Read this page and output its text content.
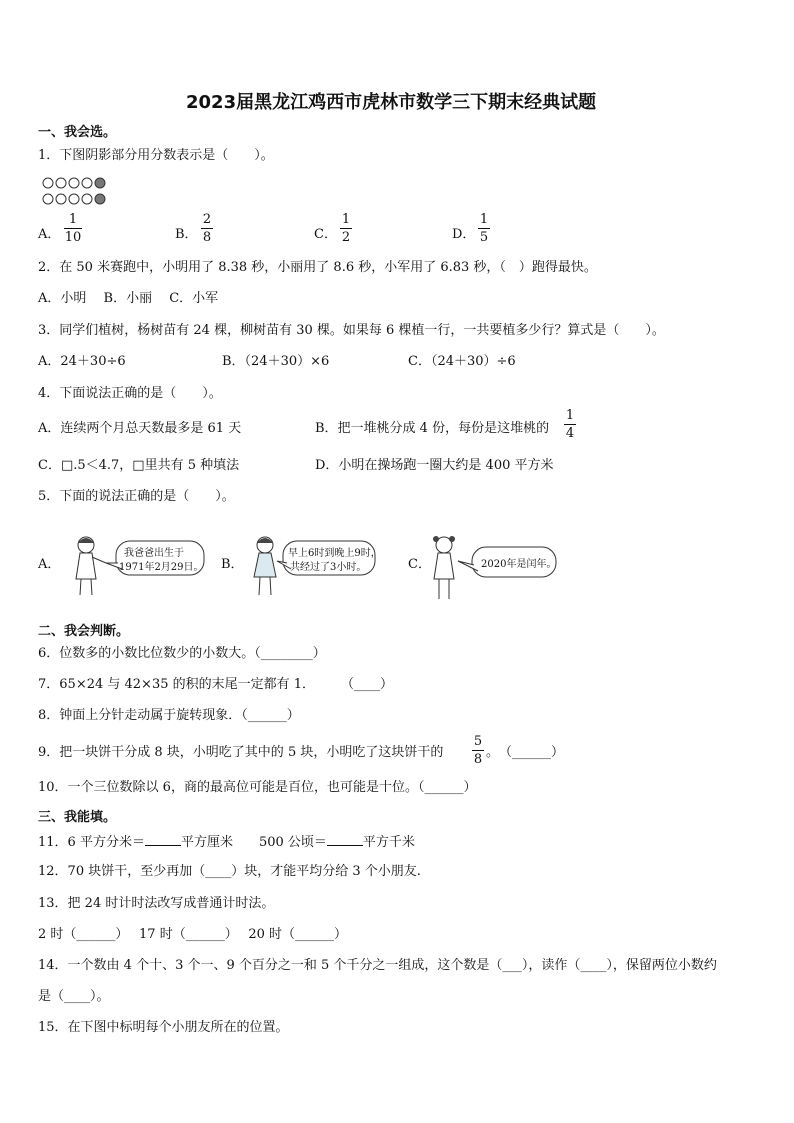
2023届黑龙江鸡西市虎林市数学三下期末经典试题
一、我会选。
1．下图阴影部分用分数表示是（　　）。
A．
1
10	B．
2
8	C．
1
2	D．
1
5
2．在 50 米赛跑中，小明用了 8.38 秒，小丽用了 8.6 秒，小军用了 6.83 秒，（　）跑得最快。
A．小明　 B．小丽　 C．小军
3．同学们植树，杨树苗有 24 棵，柳树苗有 30 棵。如果每 6 棵植一行，一共要植多少行？算式是（　　）。
A．24＋30÷6	B．（24＋30）×6	C．（24＋30）÷6
4．下面说法正确的是（　　）。
A．连续两个月总天数最多是 61 天	B．把一堆桃分成 4 份，每份是这堆桃的
1
4
C．□.5＜4.7，□里共有 5 种填法	D．小明在操场跑一圈大约是 400 平方米
5．下面的说法正确的是（　　）。
A．
我爸爸出生于
1971年2月29日。 B．
早上6时到晚上9时，
共经过了3小时。	C．	2020年是闰年。
二、我会判断。
6．位数多的小数比位数少的小数大。（________）
7．65×24 与 42×35 的积的末尾一定都有 1．　　　（____）
8．钟面上分针走动属于旋转现象．（______）
9．把一块饼干分成 8 块，小明吃了其中的 5 块，小明吃了这块饼干的
5
8 。　（______）
10．一个三位数除以 6，商的最高位可能是百位，也可能是十位。（______）
三、我能填。
11．6 平方分米＝	平方厘米　　500 公顷＝	平方千米
12．70 块饼干，至少再加（____）块，才能平均分给 3 个小朋友.
13．把 24 时计时法改写成普通计时法。
2 时（______）　 17 时（______）　 20 时（______）
14．一个数由 4 个十、3 个一、9 个百分之一和 5 个千分之一组成，这个数是（___），读作（____），保留两位小数约
是（____）。
15．在下图中标明每个小朋友所在的位置。
